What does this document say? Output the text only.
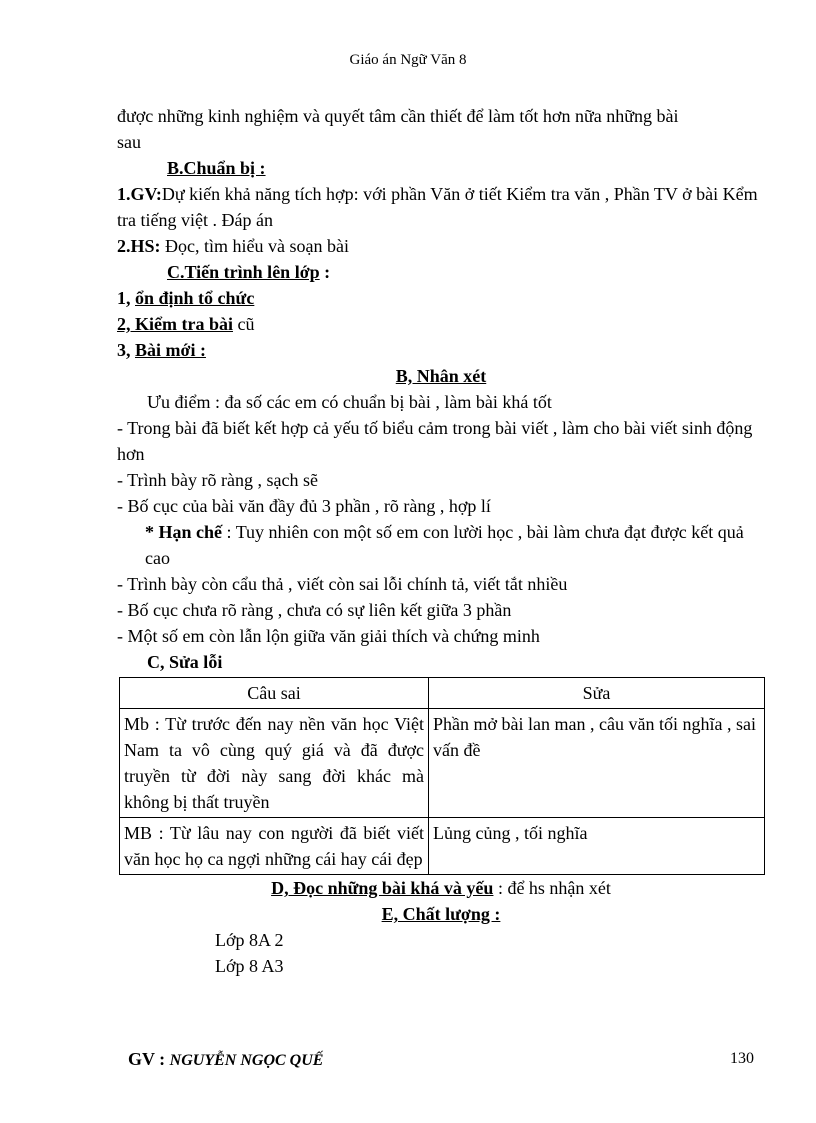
Giáo án Ngữ Văn 8

được những kinh nghiệm và quyết tâm cần thiết để làm tốt hơn nữa những bài

sau

B.Chuẩn bị :

1.GV:Dự kiến khả năng tích hợp: với phần Văn ở tiết Kiểm tra văn , Phần TV ở bài Kểm tra tiếng việt . Đáp án

2.HS: Đọc, tìm hiểu và soạn bài

C.Tiến trình lên lớp :

1, ổn định tổ chức

2, Kiểm tra bài cũ

3, Bài mới :

B, Nhân xét

Ưu điểm : đa số các em có chuẩn bị bài , làm bài khá tốt

- Trong bài đã biết kết hợp cả yếu tố biểu cảm trong bài viết , làm cho bài viết sinh động hơn

- Trình bày rõ ràng , sạch sẽ

- Bố cục của bài văn đầy đủ 3 phần , rõ ràng , hợp lí

* Hạn chế : Tuy nhiên con một số em con lười học , bài làm chưa đạt được kết quả cao

- Trình bày còn cẩu thả , viết còn sai lỗi chính tả, viết tắt nhiều

- Bố cục chưa rõ ràng , chưa có sự liên kết giữa 3 phần

- Một số em còn lẫn lộn giữa văn giải thích và chứng minh

C, Sửa lỗi

Câu sai	Sửa
Mb : Từ trước đến nay nền văn học Việt Nam ta vô cùng quý giá và đã được truyền từ đời này sang đời khác mà không bị thất truyền	Phần mở bài lan man , câu văn tối nghĩa , sai vấn đề
MB : Từ lâu nay con người đã biết viết văn học họ ca ngợi những cái hay cái đẹp	Lủng củng , tối nghĩa

D, Đọc những bài khá và yếu : để hs nhận xét

E, Chất lượng :

Lớp 8A 2

Lớp 8 A3

GV : NGUYỄN NGỌC QUẾ	130
